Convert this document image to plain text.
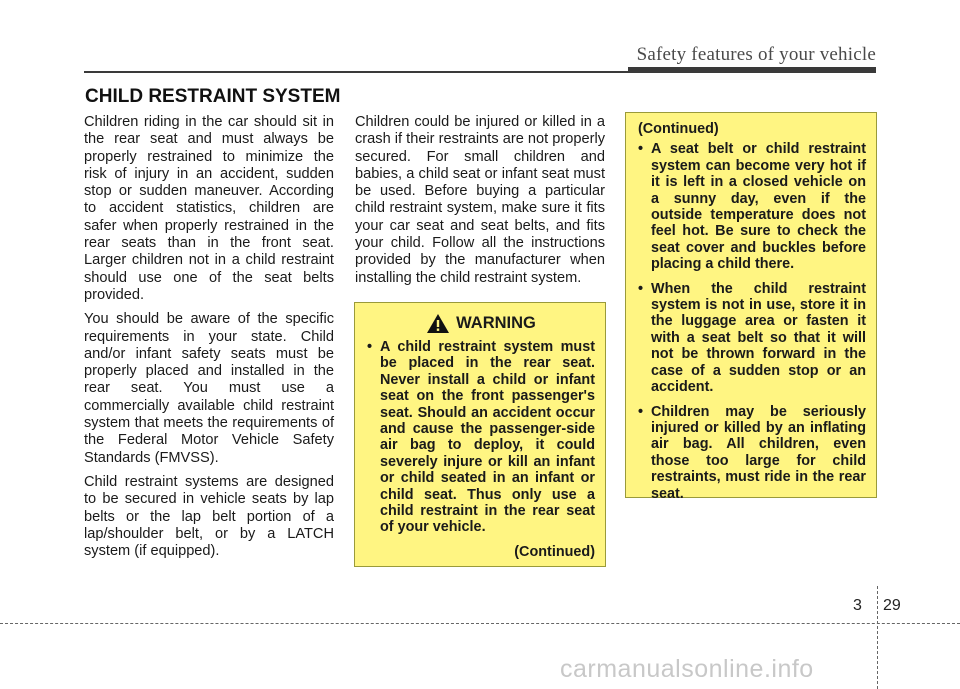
Safety features of your vehicle
CHILD RESTRAINT SYSTEM

Children riding in the car should sit in the rear seat and must always be properly restrained to minimize the risk of injury in an accident, sudden stop or sudden maneuver. According to accident statistics, children are safer when properly restrained in the rear seats than in the front seat. Larger children not in a child restraint should use one of the seat belts provided.

You should be aware of the specific requirements in your state. Child and/or infant safety seats must be properly placed and installed in the rear seat. You must use a commercially available child restraint system that meets the requirements of the Federal Motor Vehicle Safety Standards (FMVSS).

Child restraint systems are designed to be secured in vehicle seats by lap belts or the lap belt portion of a lap/shoulder belt, or by a LATCH system (if equipped).

Children could be injured or killed in a crash if their restraints are not properly secured. For small children and babies, a child seat or infant seat must be used. Before buying a particular child restraint system, make sure it fits your car seat and seat belts, and fits your child. Follow all the instructions provided by the manufacturer when installing the child restraint system.

WARNING
• A child restraint system must be placed in the rear seat. Never install a child or infant seat on the front passenger's seat. Should an accident occur and cause the passenger-side air bag to deploy, it could severely injure or kill an infant or child seated in an infant or child seat. Thus only use a child restraint in the rear seat of your vehicle.
(Continued)
(Continued)
• A seat belt or child restraint system can become very hot if it is left in a closed vehicle on a sunny day, even if the outside temperature does not feel hot. Be sure to check the seat cover and buckles before placing a child there.
• When the child restraint system is not in use, store it in the luggage area or fasten it with a seat belt so that it will not be thrown forward in the case of a sudden stop or an accident.
• Children may be seriously injured or killed by an inflating air bag. All children, even those too large for child restraints, must ride in the rear seat.
3 29
carmanualsonline.info
